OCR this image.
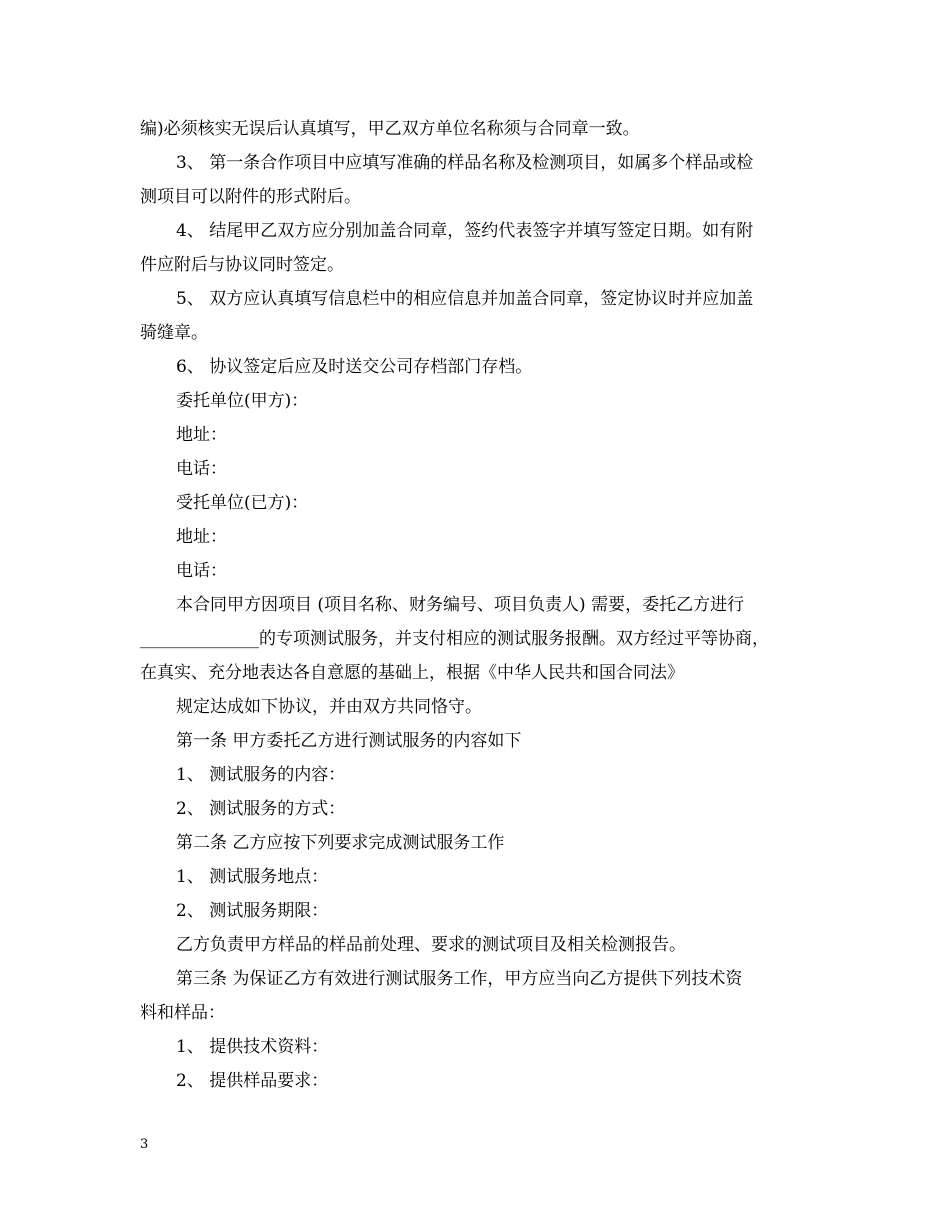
编)必须核实无误后认真填写，甲乙双方单位名称须与合同章一致。

3、 第一条合作项目中应填写准确的样品名称及检测项目，如属多个样品或检

测项目可以附件的形式附后。

4、 结尾甲乙双方应分别加盖合同章，签约代表签字并填写签定日期。如有附

件应附后与协议同时签定。

5、 双方应认真填写信息栏中的相应信息并加盖合同章，签定协议时并应加盖

骑缝章。

6、 协议签定后应及时送交公司存档部门存档。

委托单位(甲方)：

地址：

电话：

受托单位(已方)：

地址：

电话：

本合同甲方因项目 (项目名称、财务编号、项目负责人) 需要，委托乙方进行

______________的专项测试服务，并支付相应的测试服务报酬。双方经过平等协商，

在真实、充分地表达各自意愿的基础上，根据《中华人民共和国合同法》

规定达成如下协议，并由双方共同恪守。

第一条 甲方委托乙方进行测试服务的内容如下

1、 测试服务的内容：

2、 测试服务的方式：

第二条 乙方应按下列要求完成测试服务工作

1、 测试服务地点：

2、 测试服务期限：

乙方负责甲方样品的样品前处理、要求的测试项目及相关检测报告。

第三条 为保证乙方有效进行测试服务工作，甲方应当向乙方提供下列技术资

料和样品：

1、 提供技术资料：

2、 提供样品要求：

3
